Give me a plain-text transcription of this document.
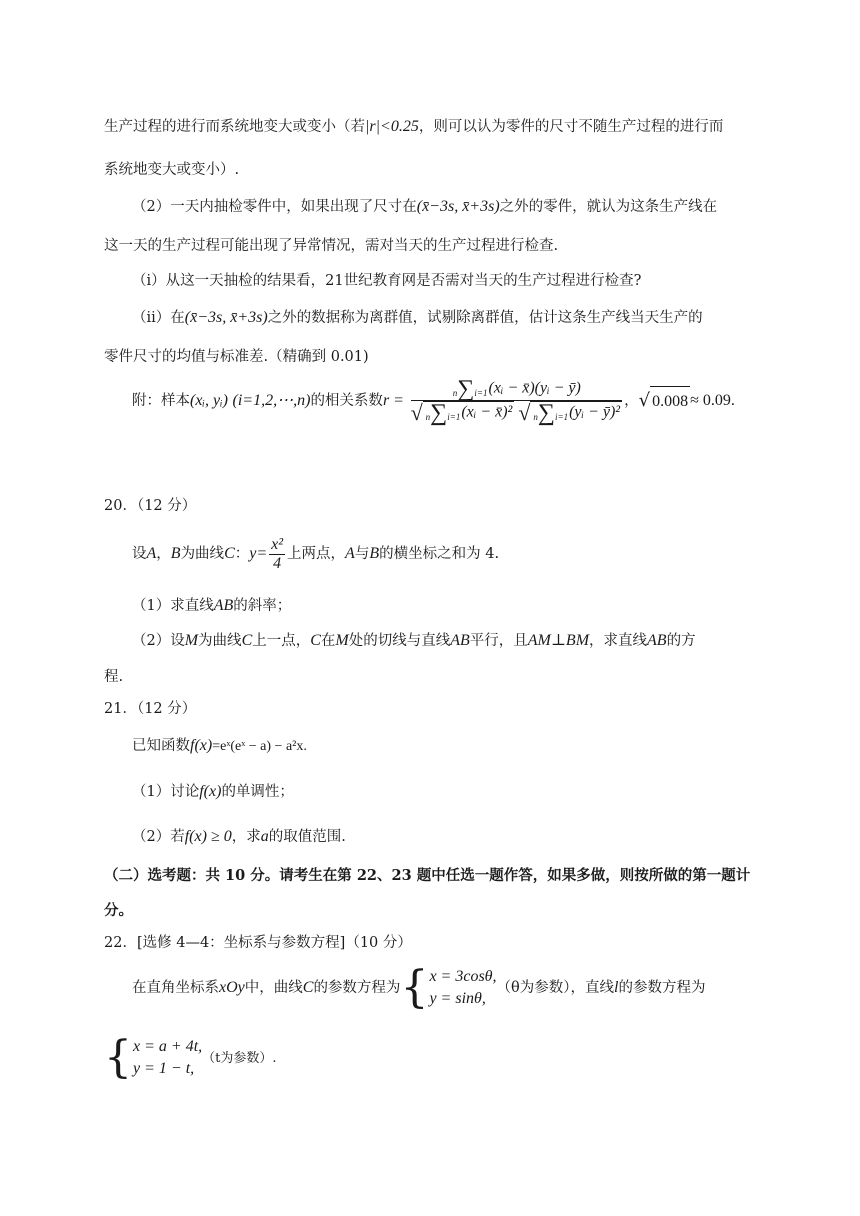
生产过程的进行而系统地变大或变小（若|r|<0.25，则可以认为零件的尺寸不随生产过程的进行而
系统地变大或变小）.
（2）一天内抽检零件中，如果出现了尺寸在(x̄−3s, x̄+3s)之外的零件，就认为这条生产线在
这一天的生产过程可能出现了异常情况，需对当天的生产过程进行检查.
（ⅰ）从这一天抽检的结果看，21世纪教育网是否需对当天的生产过程进行检查?
（ⅱ）在(x̄−3s, x̄+3s)之外的数据称为离群值，试剔除离群值，估计这条生产线当天生产的
零件尺寸的均值与标准差.（精确到 0.01)
附：样本(xᵢ, yᵢ) (i=1,2,⋯,n)的相关系数$r = \frac{\text{n∑i=1(xᵢ − x̄)(yᵢ − ȳ)}}{\text{√ n∑i=1(xᵢ − x̄)² √ n∑i=1(yᵢ − ȳ)²}}$ ，√ 0.008 ≈ 0.09.
20．（12 分）
设A，B为曲线C：$y= \frac{\text{x²}}{4}$ 上两点，A与B的横坐标之和为 4.
（1）求直线AB的斜率；
（2）设M为曲线C上一点，C在M处的切线与直线AB平行，且AM⊥BM，求直线AB的方
程.
21．（12 分）
已知函数f(x)=eˣ(eˣ − a) − a²x.
（1）讨论f(x)的单调性；
（2）若f(x) ≥ 0，求a的取值范围.
（二）选考题：共 10 分。请考生在第 22、23 题中任选一题作答，如果多做，则按所做的第一题计
分。
22．[选修 4—4：坐标系与参数方程]（10 分）
在直角坐标系xOy中，曲线C的参数方程为{ x = 3cosθ,
y = sinθ,
（θ为参数），直线l的参数方程为
{ x = a + 4t,
y = 1 − t,
（t为参数）.
